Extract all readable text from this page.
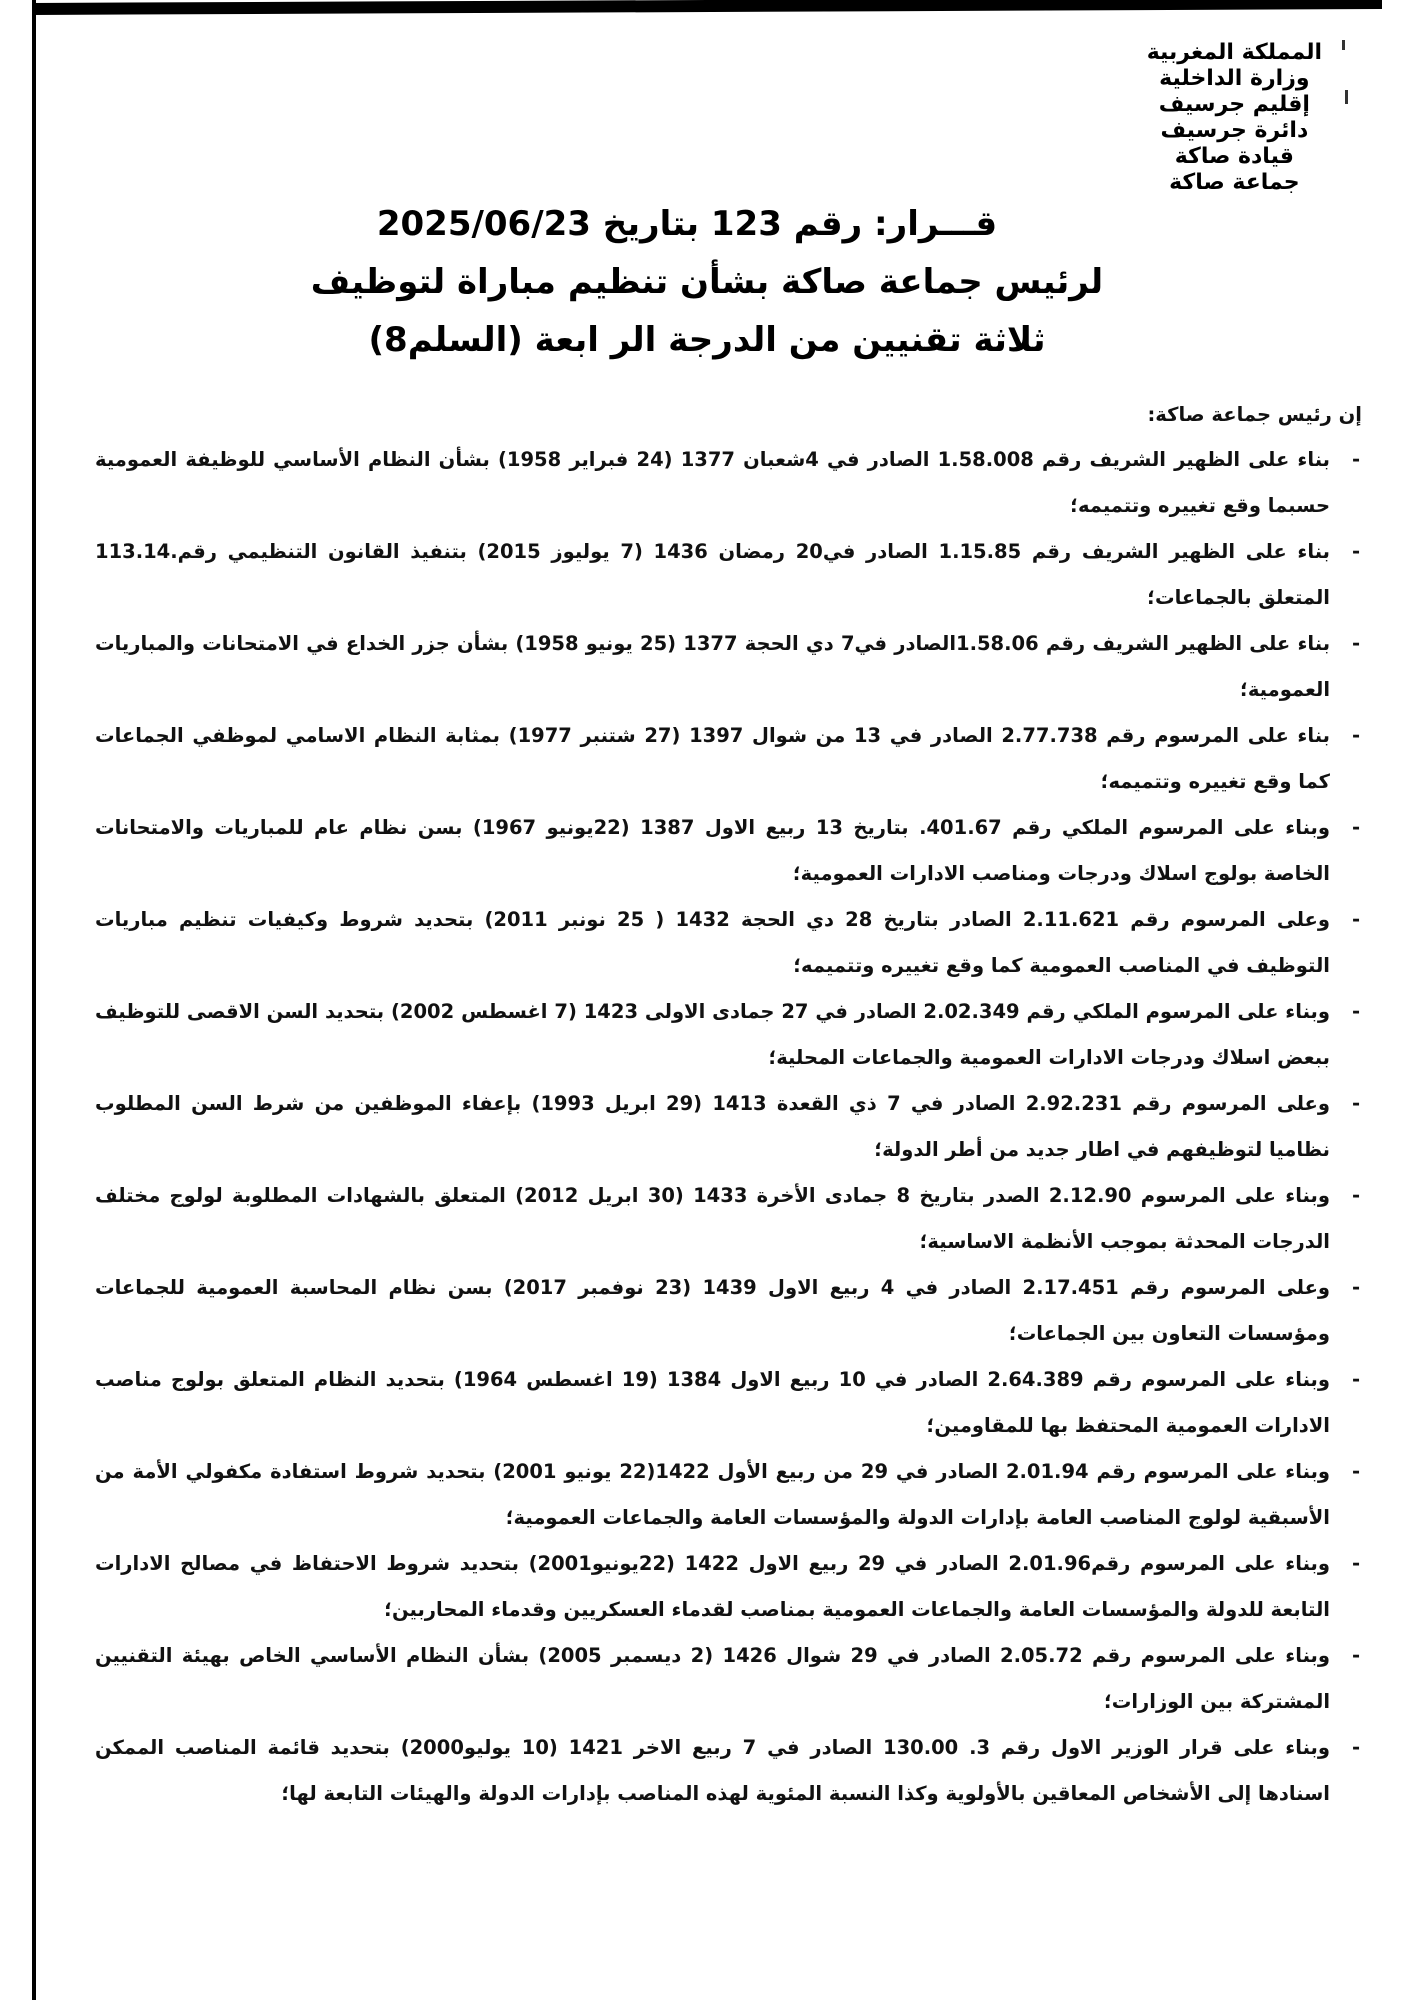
المملكة المغربية
وزارة الداخلية
إقليم جرسيف
دائرة جرسيف
قيادة صاكة
جماعة صاكة
قـــرار: رقم 123 بتاريخ 2025/06/23
لرئيس جماعة صاكة بشأن تنظيم مباراة لتوظيف
ثلاثة تقنيين من الدرجة الر ابعة (السلم8)
إن رئيس جماعة صاكة:
-
بناء على الظهير الشريف رقم 1.58.008 الصادر في 4شعبان 1377 (24 فبراير 1958) بشأن النظام الأساسي للوظيفة العمومية حسبما وقع تغييره وتتميمه؛
-
بناء على الظهير الشريف رقم 1.15.85 الصادر في20 رمضان 1436 (7 يوليوز 2015) بتنفيذ القانون التنظيمي رقم.113.14 المتعلق بالجماعات؛
-
بناء على الظهير الشريف رقم 1.58.06الصادر في7 دي الحجة 1377 (25 يونيو 1958) بشأن جزر الخداع في الامتحانات والمباريات العمومية؛
-
بناء على المرسوم رقم 2.77.738 الصادر في 13 من شوال 1397 (27 شتنبر 1977) بمثابة النظام الاسامي لموظفي الجماعات كما وقع تغييره وتتميمه؛
-
وبناء على المرسوم الملكي رقم 401.67. بتاريخ 13 ربيع الاول 1387 (22يونيو 1967) بسن نظام عام للمباريات والامتحانات الخاصة بولوج اسلاك ودرجات ومناصب الادارات العمومية؛
-
وعلى المرسوم رقم 2.11.621 الصادر بتاريخ 28 دي الحجة 1432 ( 25 نونبر 2011) بتحديد شروط وكيفيات تنظيم مباريات التوظيف في المناصب العمومية كما وقع تغييره وتتميمه؛
-
وبناء على المرسوم الملكي رقم 2.02.349 الصادر في 27 جمادى الاولى 1423 (7 اغسطس 2002) بتحديد السن الاقصى للتوظيف ببعض اسلاك ودرجات الادارات العمومية والجماعات المحلية؛
-
وعلى المرسوم رقم 2.92.231 الصادر في 7 ذي القعدة 1413 (29 ابريل 1993) بإعفاء الموظفين من شرط السن المطلوب نظاميا لتوظيفهم في اطار جديد من أطر الدولة؛
-
وبناء على المرسوم 2.12.90 الصدر بتاريخ 8 جمادى الأخرة 1433 (30 ابريل 2012) المتعلق بالشهادات المطلوبة لولوج مختلف الدرجات المحدثة بموجب الأنظمة الاساسية؛
-
وعلى المرسوم رقم 2.17.451 الصادر في 4 ربيع الاول 1439 (23 نوفمبر 2017) بسن نظام المحاسبة العمومية للجماعات ومؤسسات التعاون بين الجماعات؛
-
وبناء على المرسوم رقم 2.64.389 الصادر في 10 ربيع الاول 1384 (19 اغسطس 1964) بتحديد النظام المتعلق بولوج مناصب الادارات العمومية المحتفظ بها للمقاومين؛
-
وبناء على المرسوم رقم 2.01.94 الصادر في 29 من ربيع الأول 1422(22 يونيو 2001) بتحديد شروط استفادة مكفولي الأمة من الأسبقية لولوج المناصب العامة بإدارات الدولة والمؤسسات العامة والجماعات العمومية؛
-
وبناء على المرسوم رقم2.01.96 الصادر في 29 ربيع الاول 1422 (22يونيو2001) بتحديد شروط الاحتفاظ في مصالح الادارات التابعة للدولة والمؤسسات العامة والجماعات العمومية بمناصب لقدماء العسكريين وقدماء المحاربين؛
-
وبناء على المرسوم رقم 2.05.72 الصادر في 29 شوال 1426 (2 ديسمبر 2005) بشأن النظام الأساسي الخاص بهيئة التقنيين المشتركة بين الوزارات؛
-
وبناء على قرار الوزير الاول رقم 3. 130.00 الصادر في 7 ربيع الاخر 1421 (10 يوليو2000) بتحديد قائمة المناصب الممكن اسنادها إلى الأشخاص المعاقين بالأولوية وكذا النسبة المئوية لهذه المناصب بإدارات الدولة والهيئات التابعة لها؛
